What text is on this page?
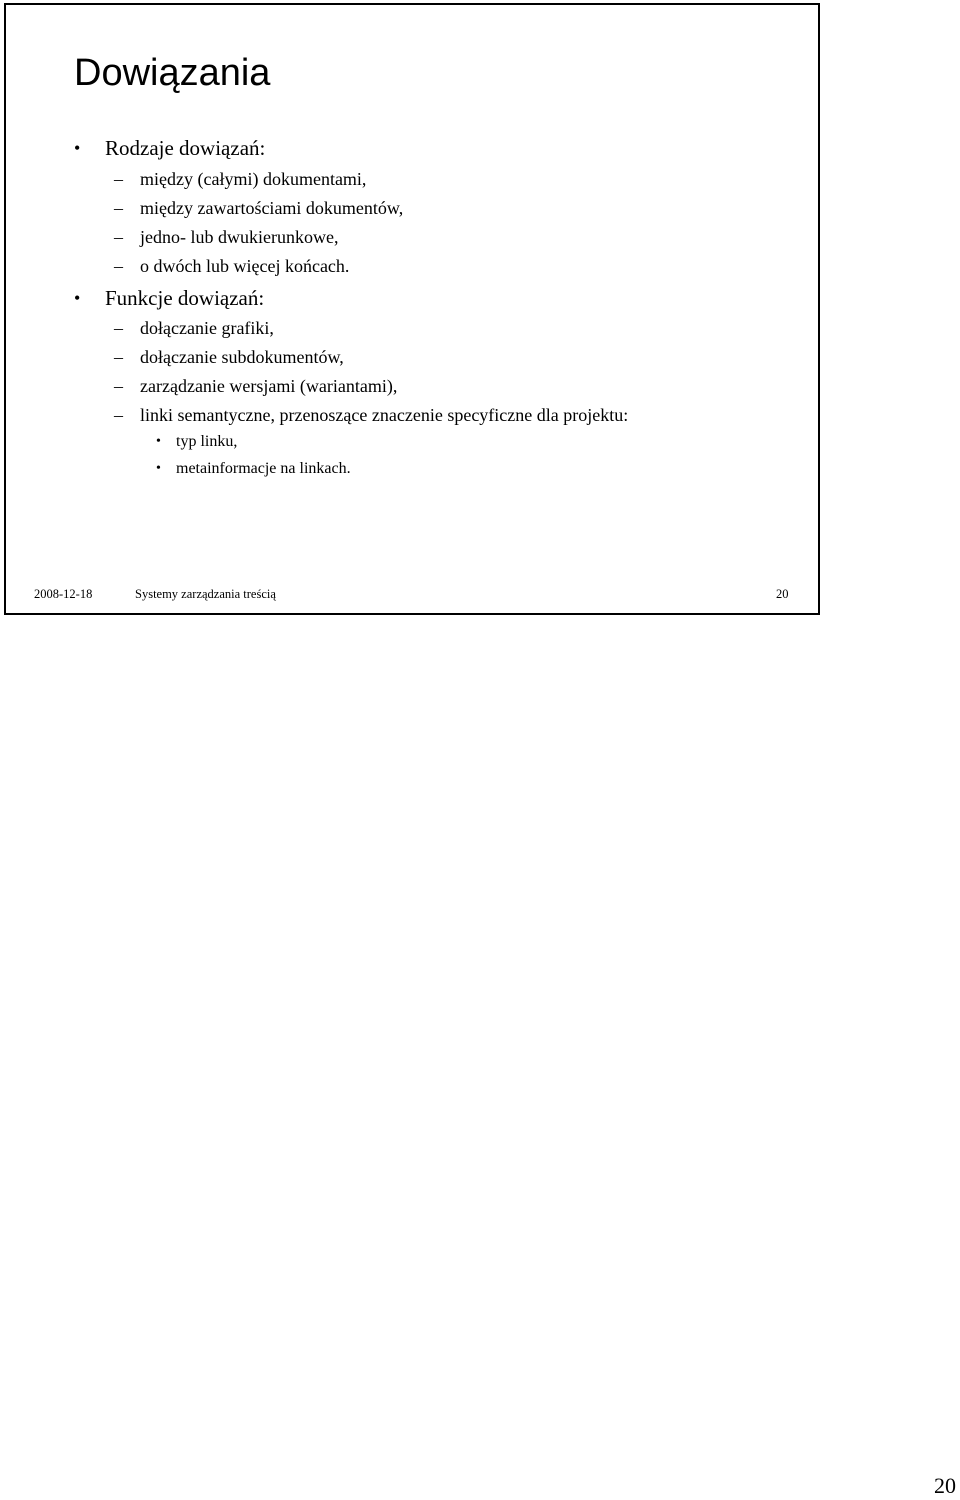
Dowiązania
• Rodzaje dowiązań:
– między (całymi) dokumentami,
– między zawartościami dokumentów,
– jedno- lub dwukierunkowe,
– o dwóch lub więcej końcach.
• Funkcje dowiązań:
– dołączanie grafiki,
– dołączanie subdokumentów,
– zarządzanie wersjami (wariantami),
– linki semantyczne, przenoszące znaczenie specyficzne dla projektu:
• typ linku,
• metainformacje na linkach.
2008-12-18	Systemy zarządzania treścią	20
20
